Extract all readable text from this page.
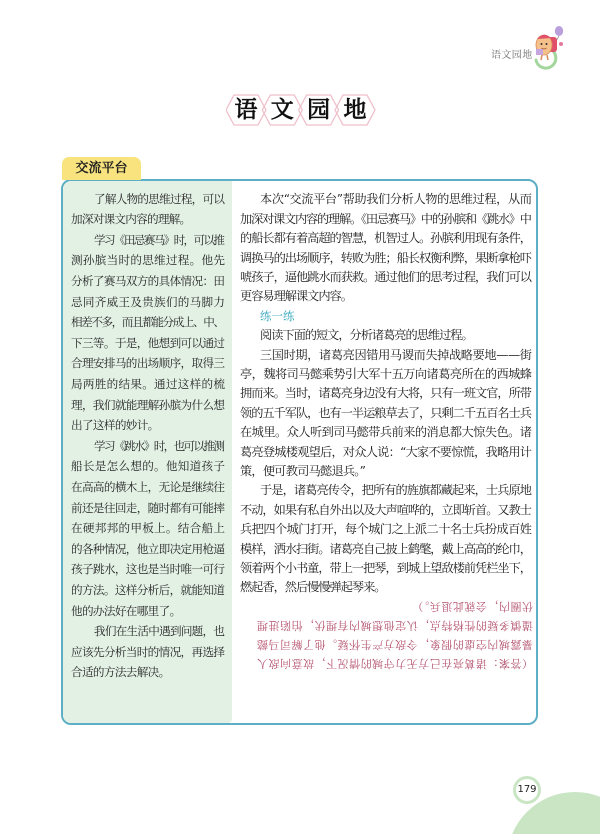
语文园地
语 文 园 地
交流平台
了解人物的思维过程，可以
加深对课文内容的理解。
学习《田忌赛马》时，可以推
测孙膑当时的思维过程。他先
分析了赛马双方的具体情况：田
忌同齐威王及贵族们的马脚力
相差不多，而且都能分成上、中、
下三等。于是，他想到可以通过
合理安排马的出场顺序，取得三
局两胜的结果。通过这样的梳
理，我们就能理解孙膑为什么想
出了这样的妙计。
学习《跳水》时，也可以推测
船长是怎么想的。他知道孩子
在高高的横木上，无论是继续往
前还是往回走，随时都有可能摔
在硬邦邦的甲板上。结合船上
的各种情况，他立即决定用枪逼
孩子跳水，这也是当时唯一可行
的方法。这样分析后，就能知道
他的办法好在哪里了。
我们在生活中遇到问题，也
应该先分析当时的情况，再选择
合适的方法去解决。
本次“交流平台”帮助我们分析人物的思维过程，从而
加深对课文内容的理解。《田忌赛马》中的孙膑和《跳水》中
的船长都有着高超的智慧，机智过人。孙膑利用现有条件，
调换马的出场顺序，转败为胜；船长权衡利弊，果断拿枪吓
唬孩子，逼他跳水而获救。通过他们的思考过程，我们可以
更容易理解课文内容。
练一练
阅读下面的短文，分析诸葛亮的思维过程。
三国时期，诸葛亮因错用马谡而失掉战略要地——街
亭，魏将司马懿乘势引大军十五万向诸葛亮所在的西城蜂
拥而来。当时，诸葛亮身边没有大将，只有一班文官，所带
领的五千军队，也有一半运粮草去了，只剩二千五百名士兵
在城里。众人听到司马懿带兵前来的消息都大惊失色。诸
葛亮登城楼观望后，对众人说：“大家不要惊慌，我略用计
策，便可教司马懿退兵。”
于是，诸葛亮传令，把所有的旌旗都藏起来，士兵原地
不动，如果有私自外出以及大声喧哗的，立即斩首。又教士
兵把四个城门打开，每个城门之上派二十名士兵扮成百姓
模样，洒水扫街。诸葛亮自己披上鹤氅，戴上高高的纶巾，
领着两个小书童，带上一把琴，到城上望敌楼前凭栏坐下，
燃起香，然后慢慢弹起琴来。
（答案：诸葛亮在己方无力守城的情况下，故意向敌人
暴露城内空虚的假象，令敌方产生怀疑。他了解司马懿
谨慎多疑的性格特点，认定他想城内有埋伏，怕陷进埋
伏圈内，会就此退兵。）
179
